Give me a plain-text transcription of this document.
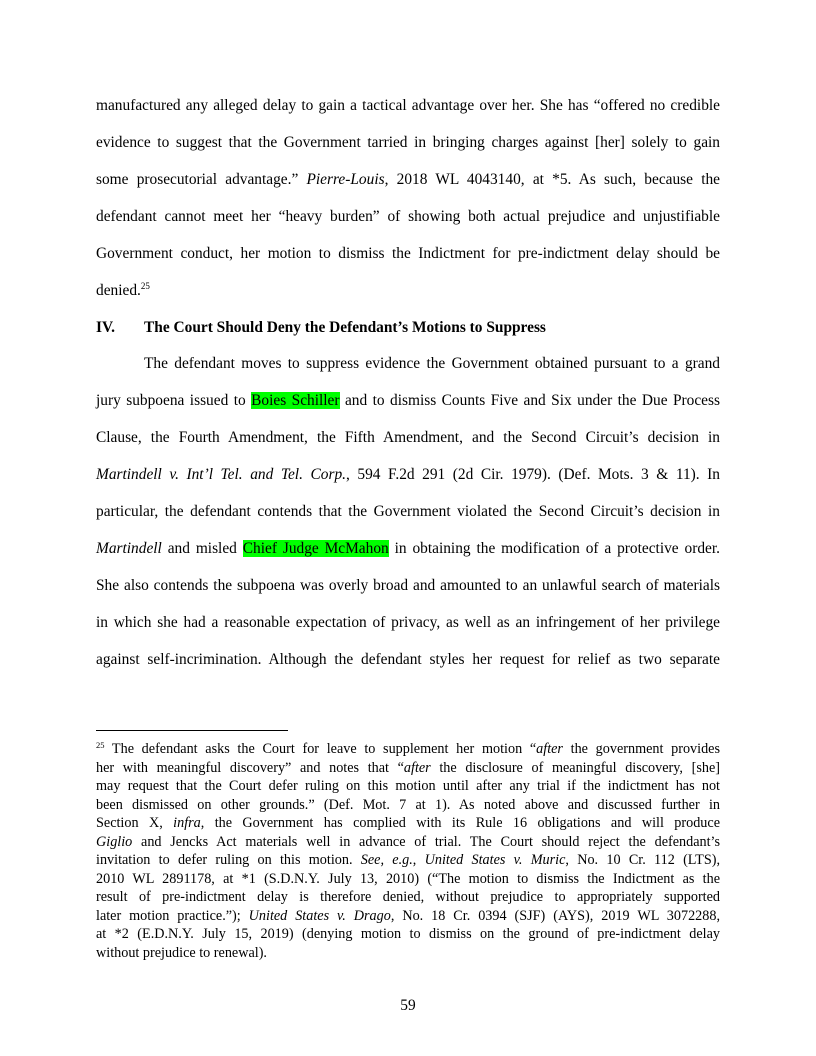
manufactured any alleged delay to gain a tactical advantage over her. She has “offered no credible

evidence to suggest that the Government tarried in bringing charges against [her] solely to gain

some prosecutorial advantage.” Pierre-Louis, 2018 WL 4043140, at *5. As such, because the

defendant cannot meet her “heavy burden” of showing both actual prejudice and unjustifiable

Government conduct, her motion to dismiss the Indictment for pre-indictment delay should be

denied.$^{25}$

IV. The Court Should Deny the Defendant’s Motions to Suppress

The defendant moves to suppress evidence the Government obtained pursuant to a grand

jury subpoena issued to Boies Schiller and to dismiss Counts Five and Six under the Due Process

Clause, the Fourth Amendment, the Fifth Amendment, and the Second Circuit’s decision in

Martindell v. Int’l Tel. and Tel. Corp., 594 F.2d 291 (2d Cir. 1979). (Def. Mots. 3 & 11). In

particular, the defendant contends that the Government violated the Second Circuit’s decision in

Martindell and misled Chief Judge McMahon in obtaining the modification of a protective order.

She also contends the subpoena was overly broad and amounted to an unlawful search of materials

in which she had a reasonable expectation of privacy, as well as an infringement of her privilege

against self-incrimination. Although the defendant styles her request for relief as two separate

$^{25}$ The defendant asks the Court for leave to supplement her motion “after the government provides

her with meaningful discovery” and notes that “after the disclosure of meaningful discovery, [she]

may request that the Court defer ruling on this motion until after any trial if the indictment has not

been dismissed on other grounds.” (Def. Mot. 7 at 1). As noted above and discussed further in

Section X, infra, the Government has complied with its Rule 16 obligations and will produce

Giglio and Jencks Act materials well in advance of trial. The Court should reject the defendant’s

invitation to defer ruling on this motion. See, e.g., United States v. Muric, No. 10 Cr. 112 (LTS),

2010 WL 2891178, at *1 (S.D.N.Y. July 13, 2010) (“The motion to dismiss the Indictment as the

result of pre-indictment delay is therefore denied, without prejudice to appropriately supported

later motion practice.”); United States v. Drago, No. 18 Cr. 0394 (SJF) (AYS), 2019 WL 3072288,

at *2 (E.D.N.Y. July 15, 2019) (denying motion to dismiss on the ground of pre-indictment delay

without prejudice to renewal).

59
